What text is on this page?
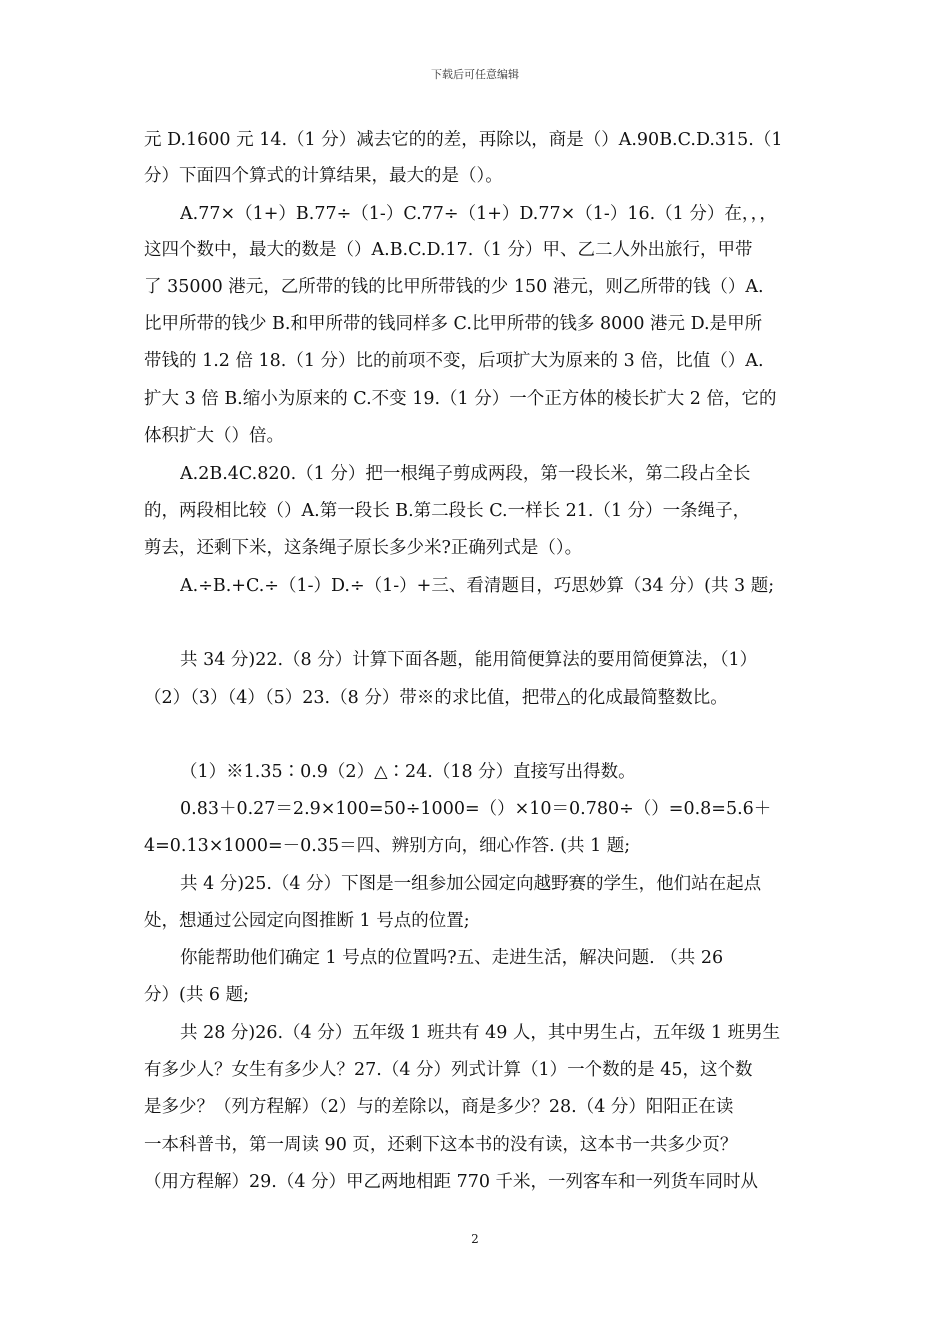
下载后可任意编辑
元 D.1600 元 14.（1 分）减去它的的差，再除以，商是（）A.90B.C.D.315.（1
分）下面四个算式的计算结果，最大的是（）。
A.77×（1+）B.77÷（1-）C.77÷（1+）D.77×（1-）16.（1 分）在，，，
这四个数中，最大的数是（）A.B.C.D.17.（1 分）甲、乙二人外出旅行，甲带
了 35000 港元，乙所带的钱的比甲所带钱的少 150 港元，则乙所带的钱（）A.
比甲所带的钱少 B.和甲所带的钱同样多 C.比甲所带的钱多 8000 港元 D.是甲所
带钱的 1.2 倍 18.（1 分）比的前项不变，后项扩大为原来的 3 倍，比值（）A.
扩大 3 倍 B.缩小为原来的 C.不变 19.（1 分）一个正方体的棱长扩大 2 倍，它的
体积扩大（）倍。
A.2B.4C.820.（1 分）把一根绳子剪成两段，第一段长米，第二段占全长
的，两段相比较（）A.第一段长 B.第二段长 C.一样长 21.（1 分）一条绳子，
剪去，还剩下米，这条绳子原长多少米?正确列式是（）。
A.÷B.+C.÷（1-）D.÷（1-）+三、看清题目，巧思妙算（34 分）(共 3 题;
共 34 分)22.（8 分）计算下面各题，能用简便算法的要用简便算法，（1）
（2）（3）（4）（5）23.（8 分）带※的求比值，把带△的化成最简整数比。
（1）※1.35∶0.9（2）△∶24.（18 分）直接写出得数。
0.83＋0.27＝2.9×100=50÷1000=（）×10＝0.780÷（）=0.8=5.6＋
4=0.13×1000=－0.35＝四、辨别方向，细心作答. (共 1 题;
共 4 分)25.（4 分）下图是一组参加公园定向越野赛的学生，他们站在起点
处，想通过公园定向图推断 1 号点的位置;
你能帮助他们确定 1 号点的位置吗?五、走进生活，解决问题. （共 26
分）(共 6 题;
共 28 分)26.（4 分）五年级 1 班共有 49 人，其中男生占，五年级 1 班男生
有多少人？女生有多少人？27.（4 分）列式计算（1）一个数的是 45，这个数
是多少？（列方程解）（2）与的差除以，商是多少？28.（4 分）阳阳正在读
一本科普书，第一周读 90 页，还剩下这本书的没有读，这本书一共多少页？
（用方程解）29.（4 分）甲乙两地相距 770 千米，一列客车和一列货车同时从
2
